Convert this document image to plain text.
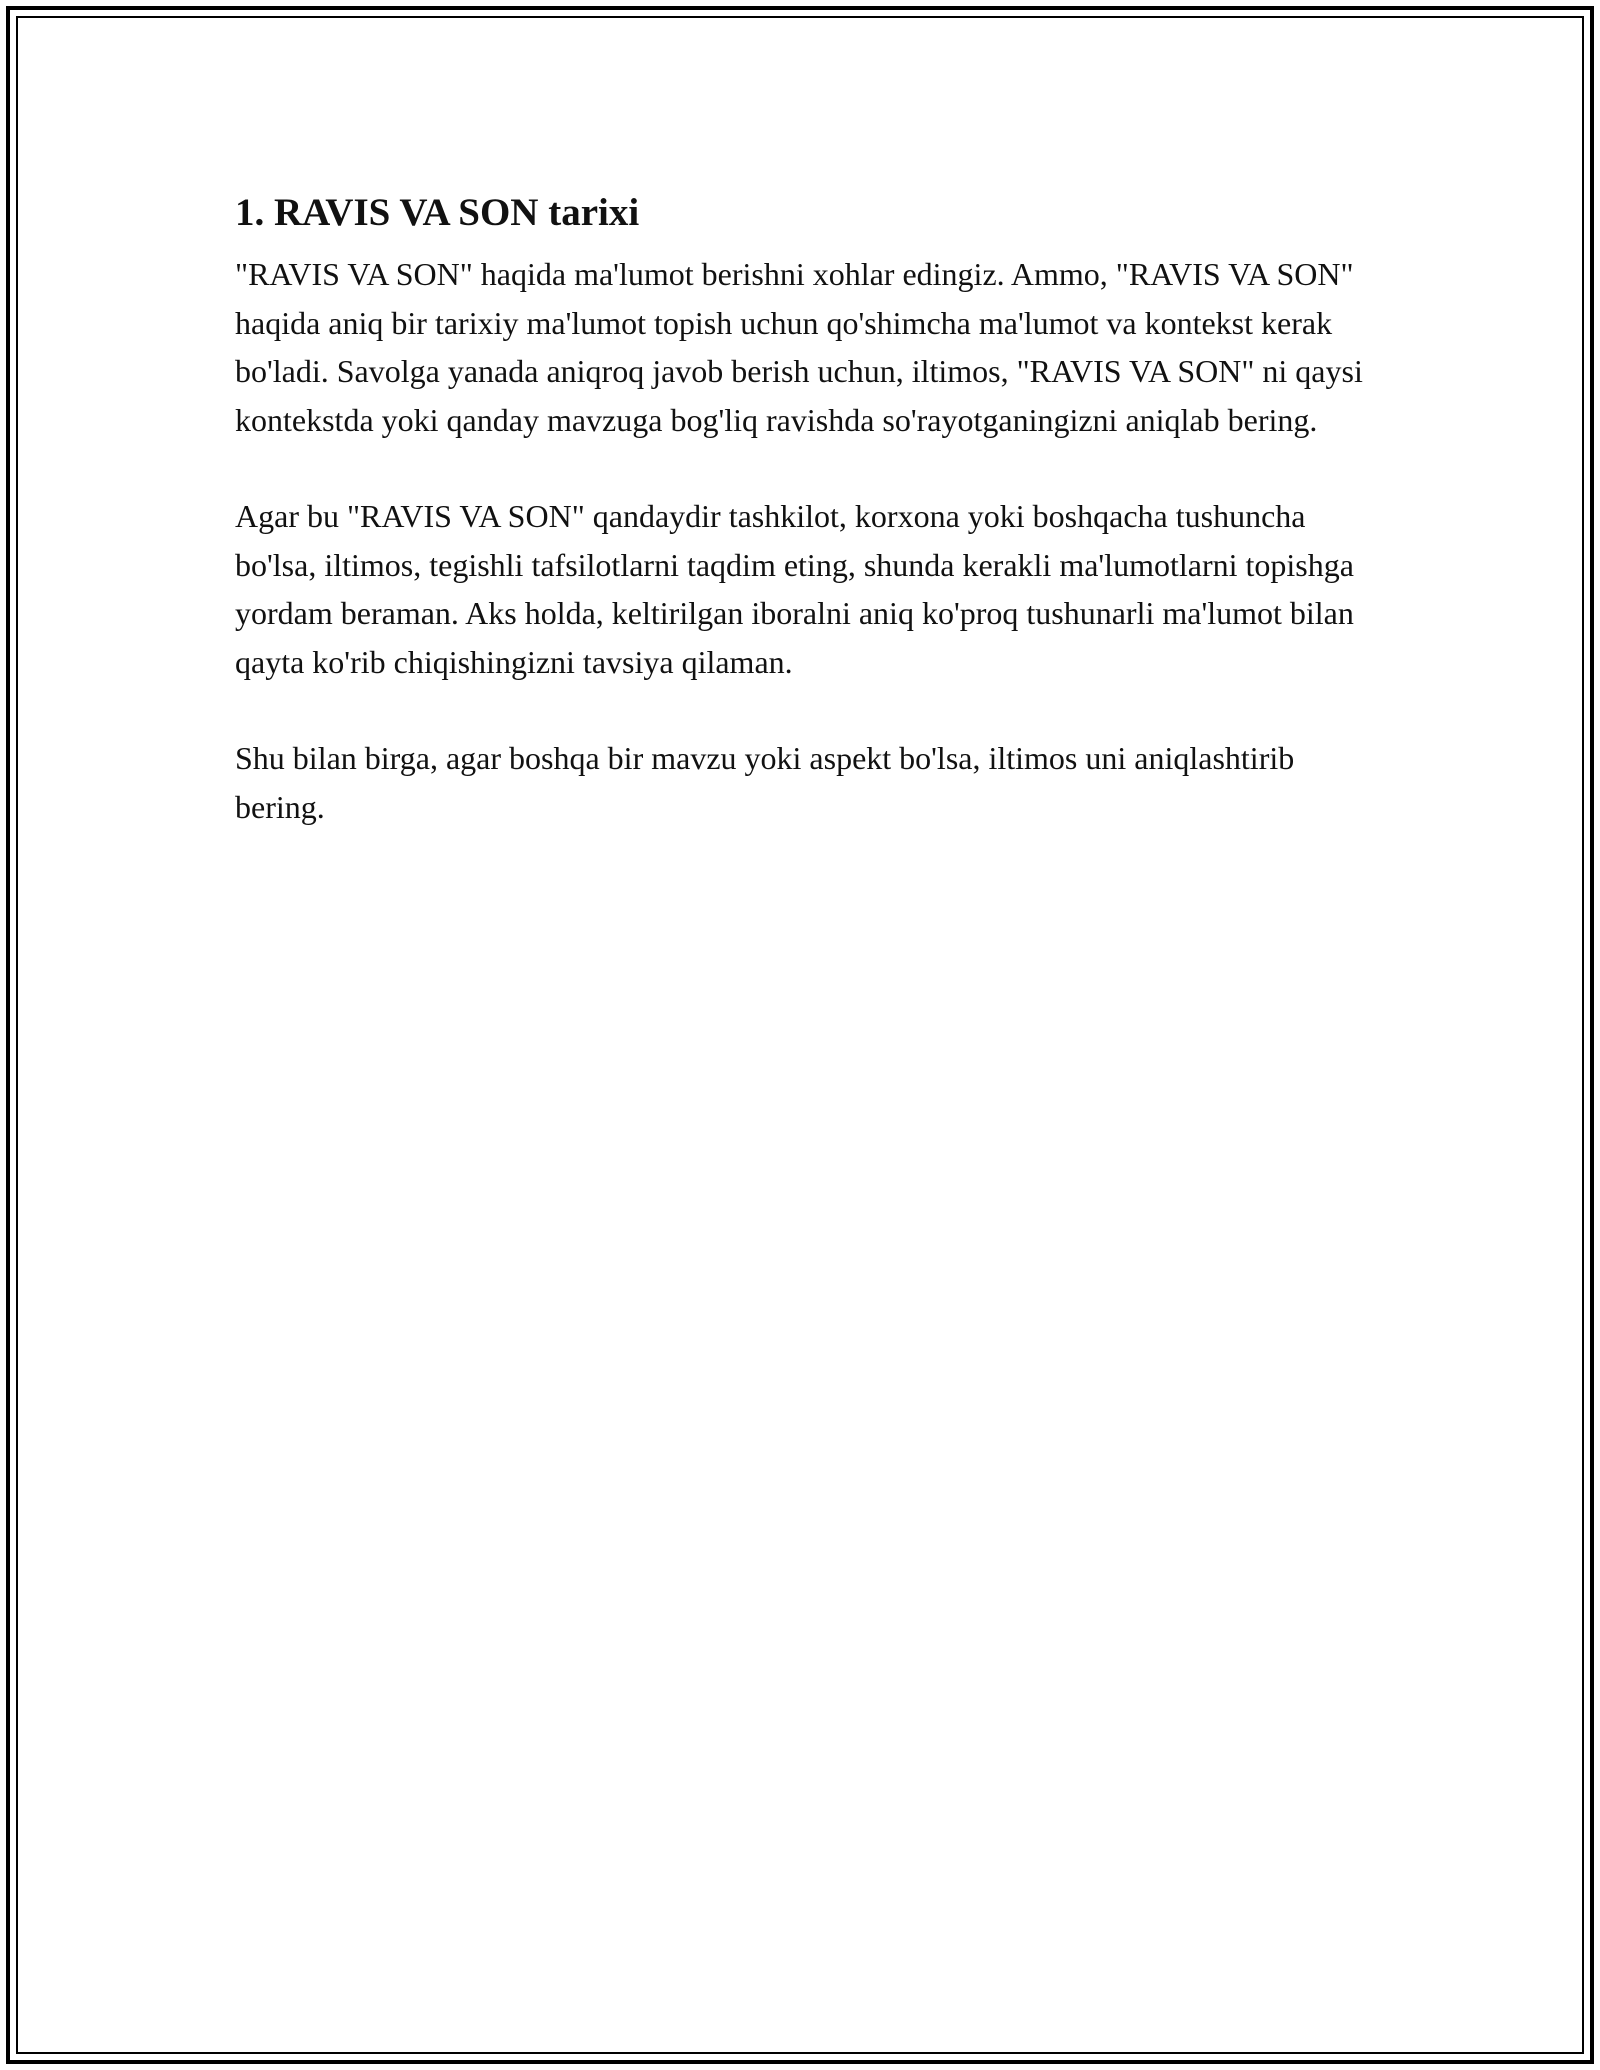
1. RAVIS VA SON tarixi

"RAVIS VA SON" haqida ma'lumot berishni xohlar edingiz. Ammo, "RAVIS VA SON" haqida aniq bir tarixiy ma'lumot topish uchun qo'shimcha ma'lumot va kontekst kerak bo'ladi. Savolga yanada aniqroq javob berish uchun, iltimos, "RAVIS VA SON" ni qaysi kontekstda yoki qanday mavzuga bog'liq ravishda so'rayotganingizni aniqlab bering.

Agar bu "RAVIS VA SON" qandaydir tashkilot, korxona yoki boshqacha tushuncha bo'lsa, iltimos, tegishli tafsilotlarni taqdim eting, shunda kerakli ma'lumotlarni topishga yordam beraman. Aks holda, keltirilgan iboralni aniq ko'proq tushunarli ma'lumot bilan qayta ko'rib chiqishingizni tavsiya qilaman.

Shu bilan birga, agar boshqa bir mavzu yoki aspekt bo'lsa, iltimos uni aniqlashtirib bering.
